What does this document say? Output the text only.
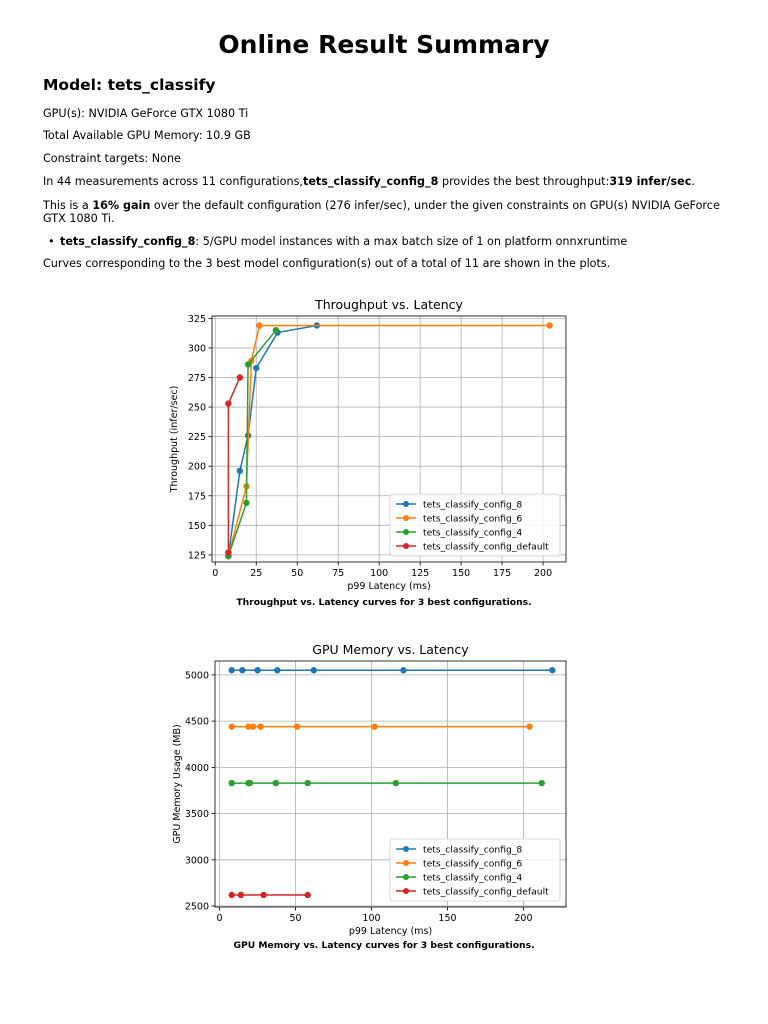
Online Result Summary
Model: tets_classify

GPU(s): NVIDIA GeForce GTX 1080 Ti

Total Available GPU Memory: 10.9 GB

Constraint targets: None

In 44 measurements across 11 configurations,tets_classify_config_8 provides the best throughput:319 infer/sec.

This is a 16% gain over the default configuration (276 infer/sec), under the given constraints on GPU(s) NVIDIA GeForce GTX 1080 Ti.

• tets_classify_config_8: 5/GPU model instances with a max batch size of 1 on platform onnxruntime

Curves corresponding to the 3 best model configuration(s) out of a total of 11 are shown in the plots.

Throughput vs. Latency
0	25	50	75	100 125 150 175 200
125
150
175
200
225
250
275
300
325
p99 Latency (ms)
Throughput (infer/sec)
tets_classify_config_8
tets_classify_config_6
tets_classify_config_4
tets_classify_config_default

Throughput vs. Latency curves for 3 best configurations.

GPU Memory vs. Latency
0	50	100	150	200
2500
3000
3500
4000
4500
5000
p99 Latency (ms)
GPU Memory Usage (MB)
tets_classify_config_8
tets_classify_config_6
tets_classify_config_4
tets_classify_config_default

GPU Memory vs. Latency curves for 3 best configurations.
